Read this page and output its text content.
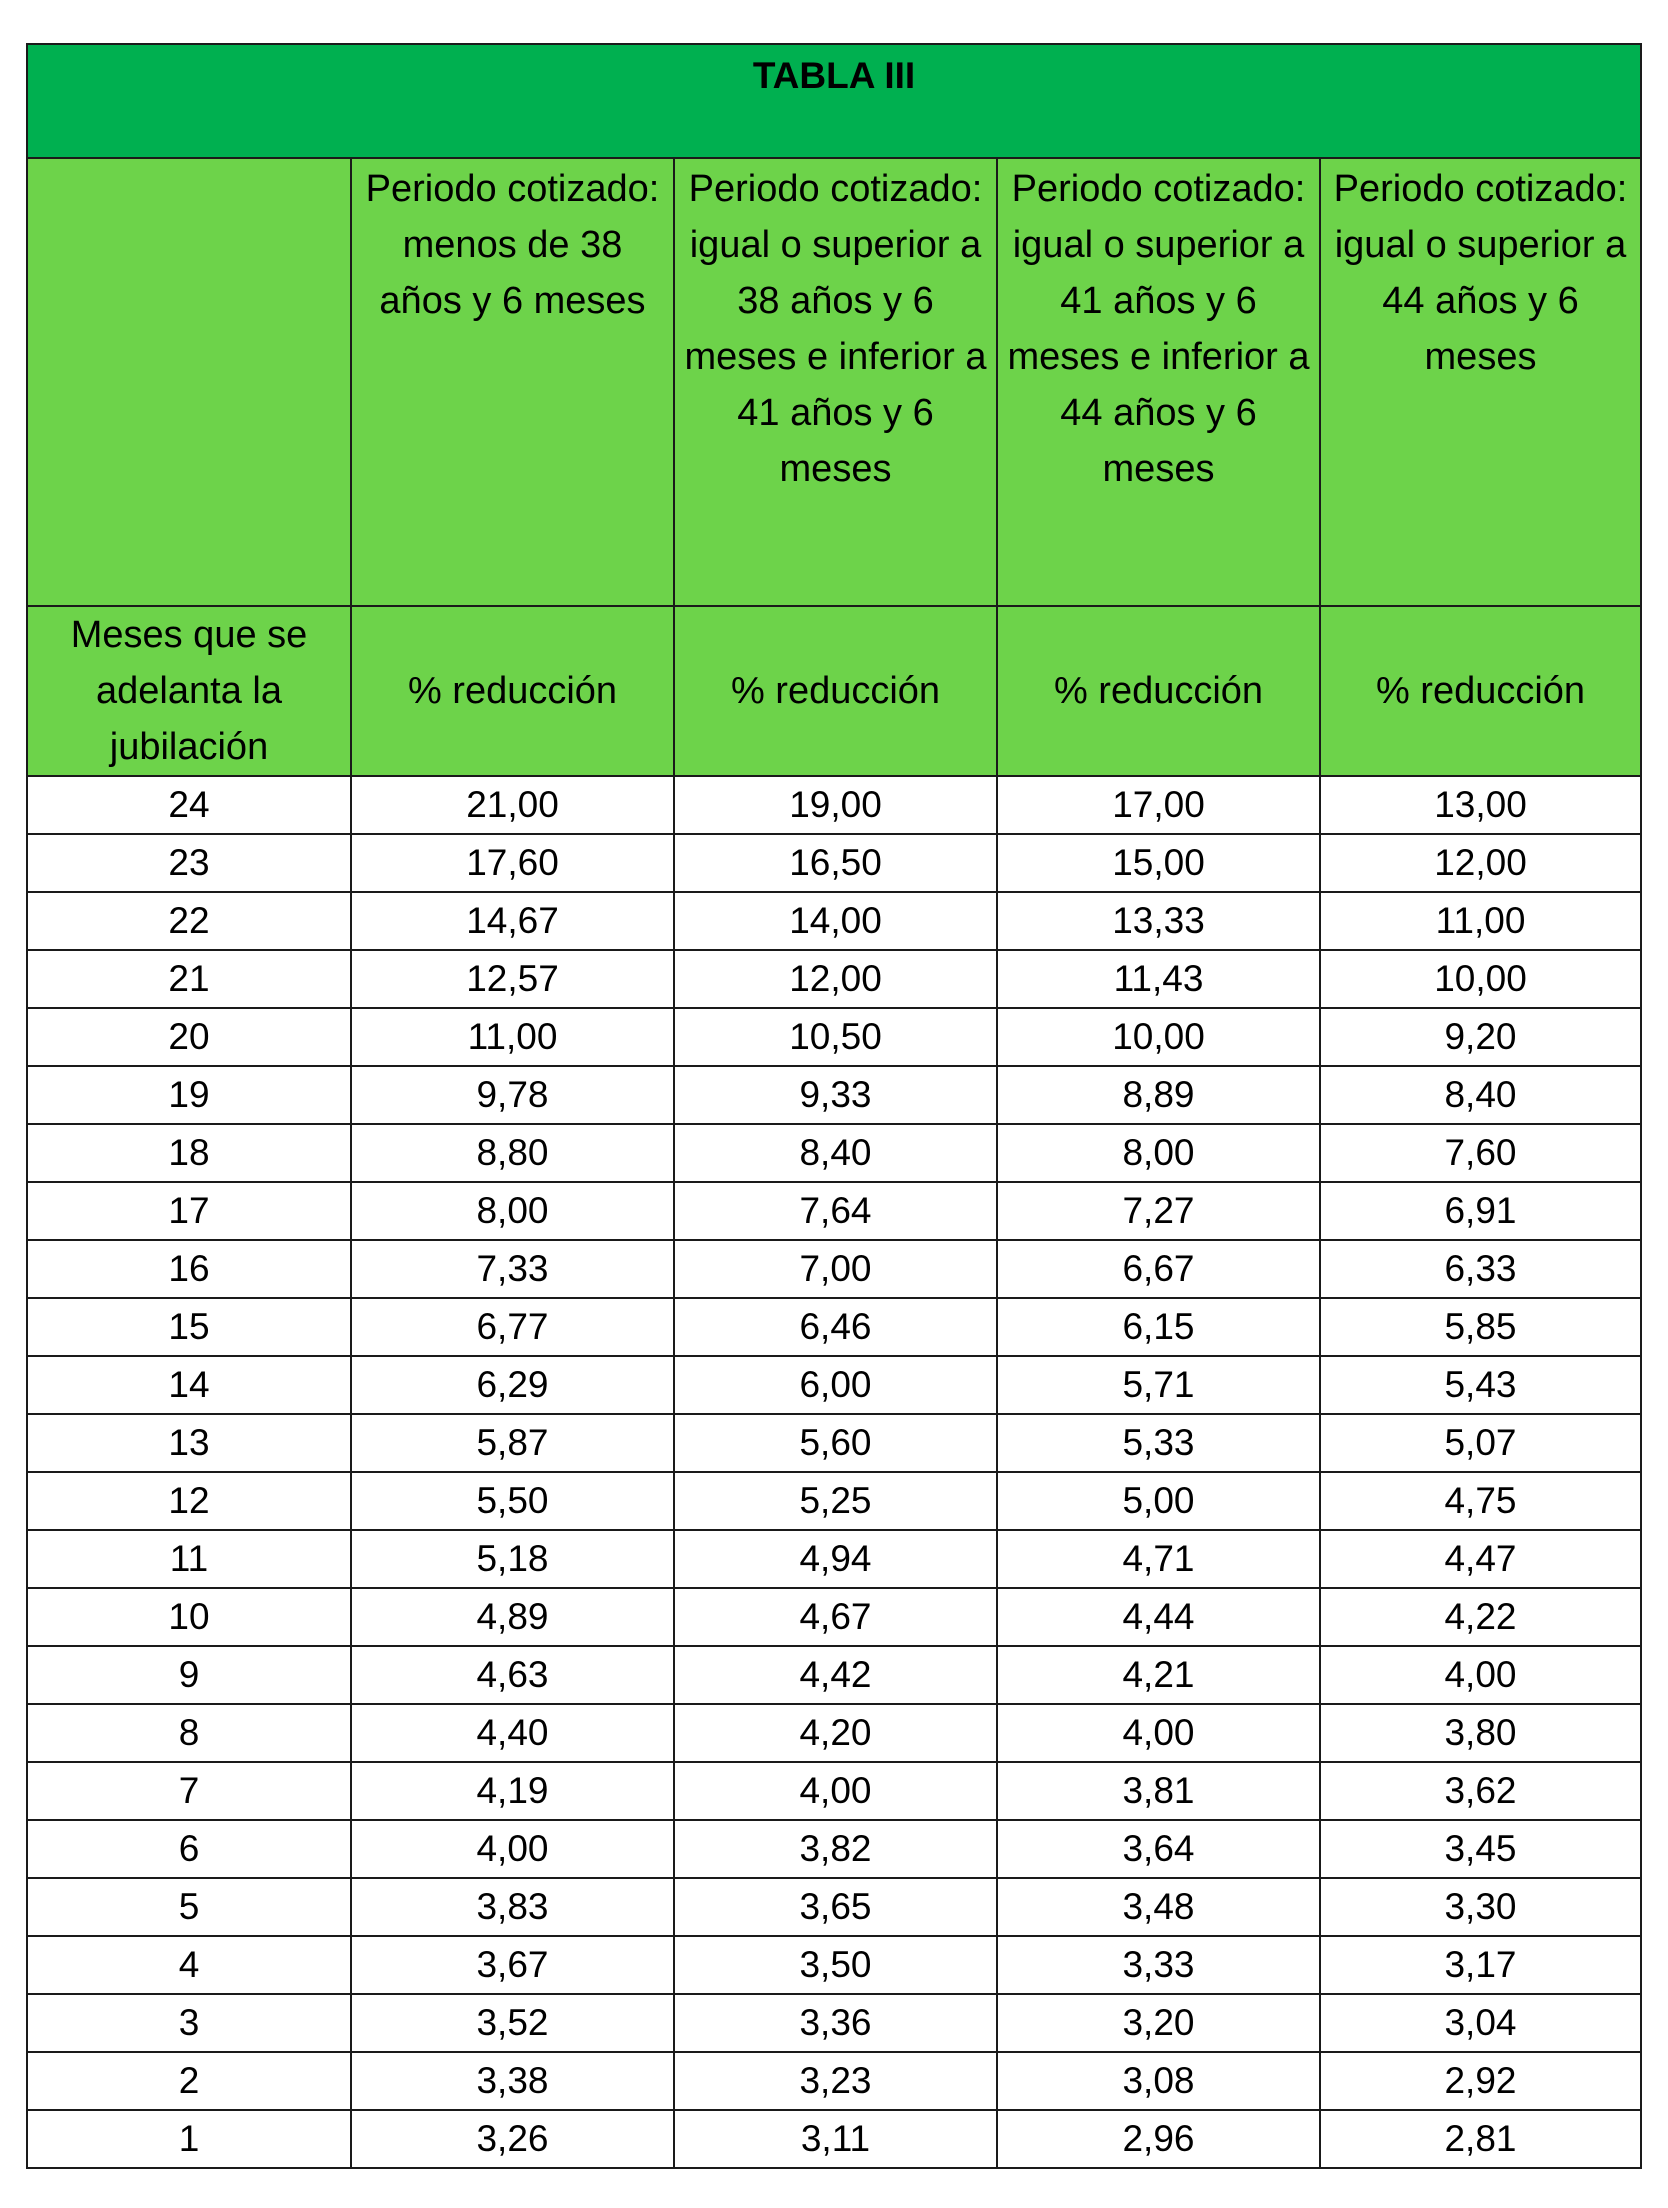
TABLA III				
	Periodo cotizado: menos de 38 años y 6 meses	Periodo cotizado: igual o superior a 38 años y 6 meses e inferior a 41 años y 6 meses	Periodo cotizado: igual o superior a 41 años y 6 meses e inferior a 44 años y 6 meses	Periodo cotizado: igual o superior a 44 años y 6 meses
Meses que se adelanta la jubilación	% reducción	% reducción	% reducción	% reducción
24	21,00	19,00	17,00	13,00
23	17,60	16,50	15,00	12,00
22	14,67	14,00	13,33	11,00
21	12,57	12,00	11,43	10,00
20	11,00	10,50	10,00	9,20
19	9,78	9,33	8,89	8,40
18	8,80	8,40	8,00	7,60
17	8,00	7,64	7,27	6,91
16	7,33	7,00	6,67	6,33
15	6,77	6,46	6,15	5,85
14	6,29	6,00	5,71	5,43
13	5,87	5,60	5,33	5,07
12	5,50	5,25	5,00	4,75
11	5,18	4,94	4,71	4,47
10	4,89	4,67	4,44	4,22
9	4,63	4,42	4,21	4,00
8	4,40	4,20	4,00	3,80
7	4,19	4,00	3,81	3,62
6	4,00	3,82	3,64	3,45
5	3,83	3,65	3,48	3,30
4	3,67	3,50	3,33	3,17
3	3,52	3,36	3,20	3,04
2	3,38	3,23	3,08	2,92
1	3,26	3,11	2,96	2,81
